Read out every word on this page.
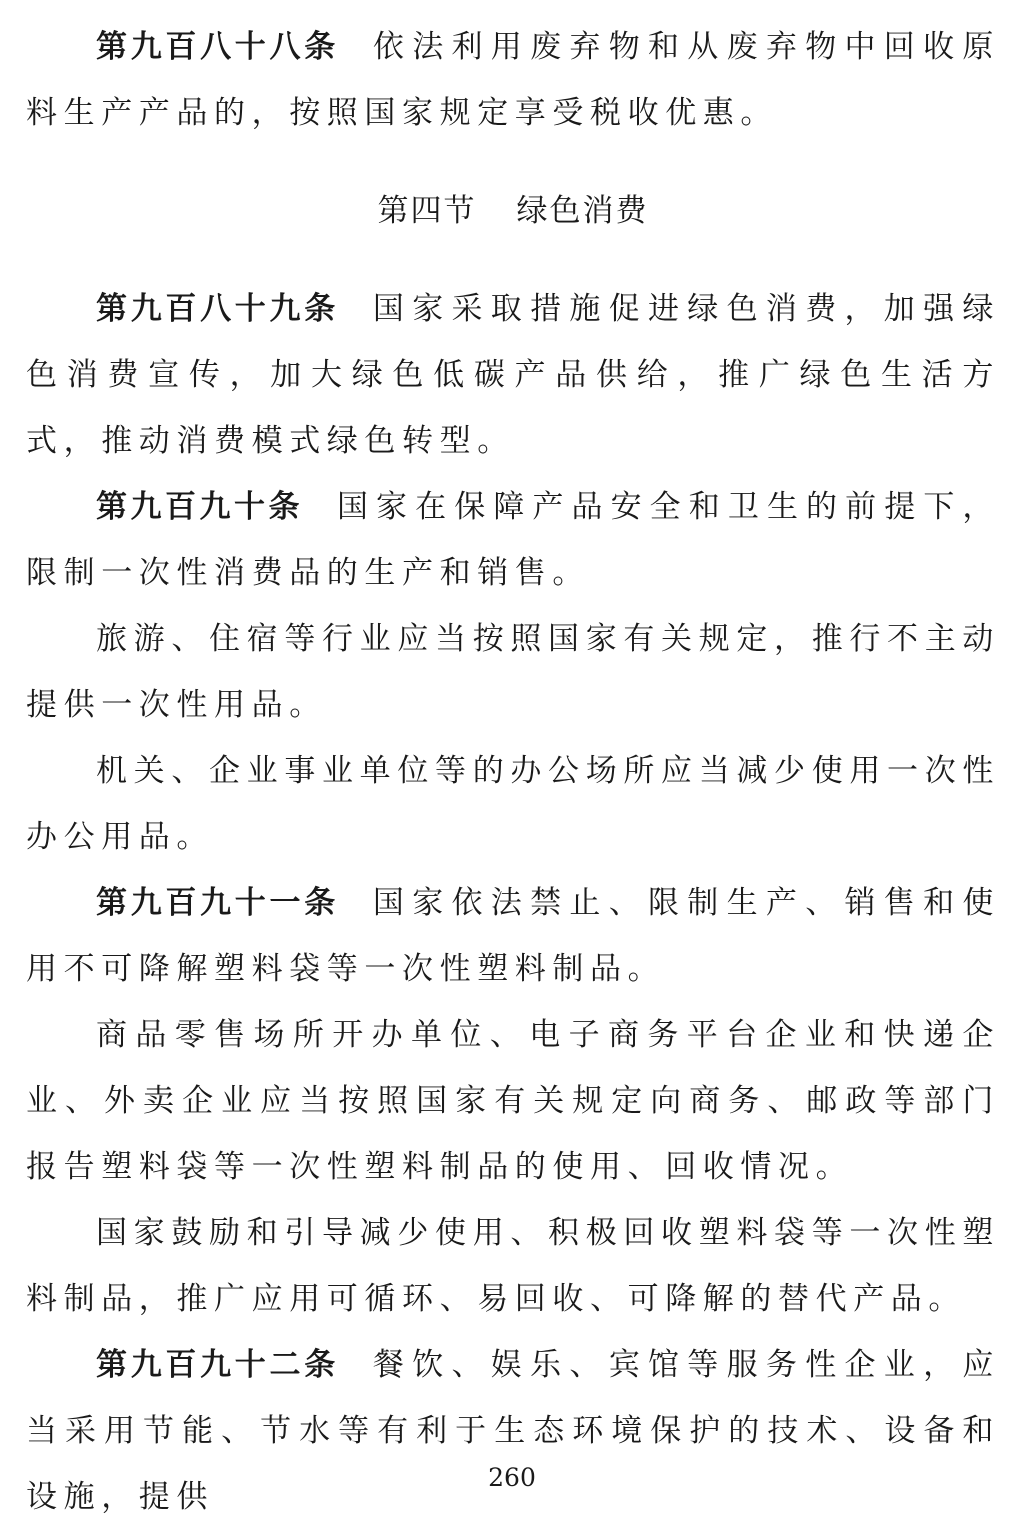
第九百八十八条 依法利用废弃物和从废弃物中回收原料生产产品的，按照国家规定享受税收优惠。

第四节 绿色消费

第九百八十九条 国家采取措施促进绿色消费，加强绿色消费宣传，加大绿色低碳产品供给，推广绿色生活方式，推动消费模式绿色转型。

第九百九十条 国家在保障产品安全和卫生的前提下，限制一次性消费品的生产和销售。

旅游、住宿等行业应当按照国家有关规定，推行不主动提供一次性用品。

机关、企业事业单位等的办公场所应当减少使用一次性办公用品。

第九百九十一条 国家依法禁止、限制生产、销售和使用不可降解塑料袋等一次性塑料制品。

商品零售场所开办单位、电子商务平台企业和快递企业、外卖企业应当按照国家有关规定向商务、邮政等部门报告塑料袋等一次性塑料制品的使用、回收情况。

国家鼓励和引导减少使用、积极回收塑料袋等一次性塑料制品，推广应用可循环、易回收、可降解的替代产品。

第九百九十二条 餐饮、娱乐、宾馆等服务性企业，应当采用节能、节水等有利于生态环境保护的技术、设备和设施，提供

260
